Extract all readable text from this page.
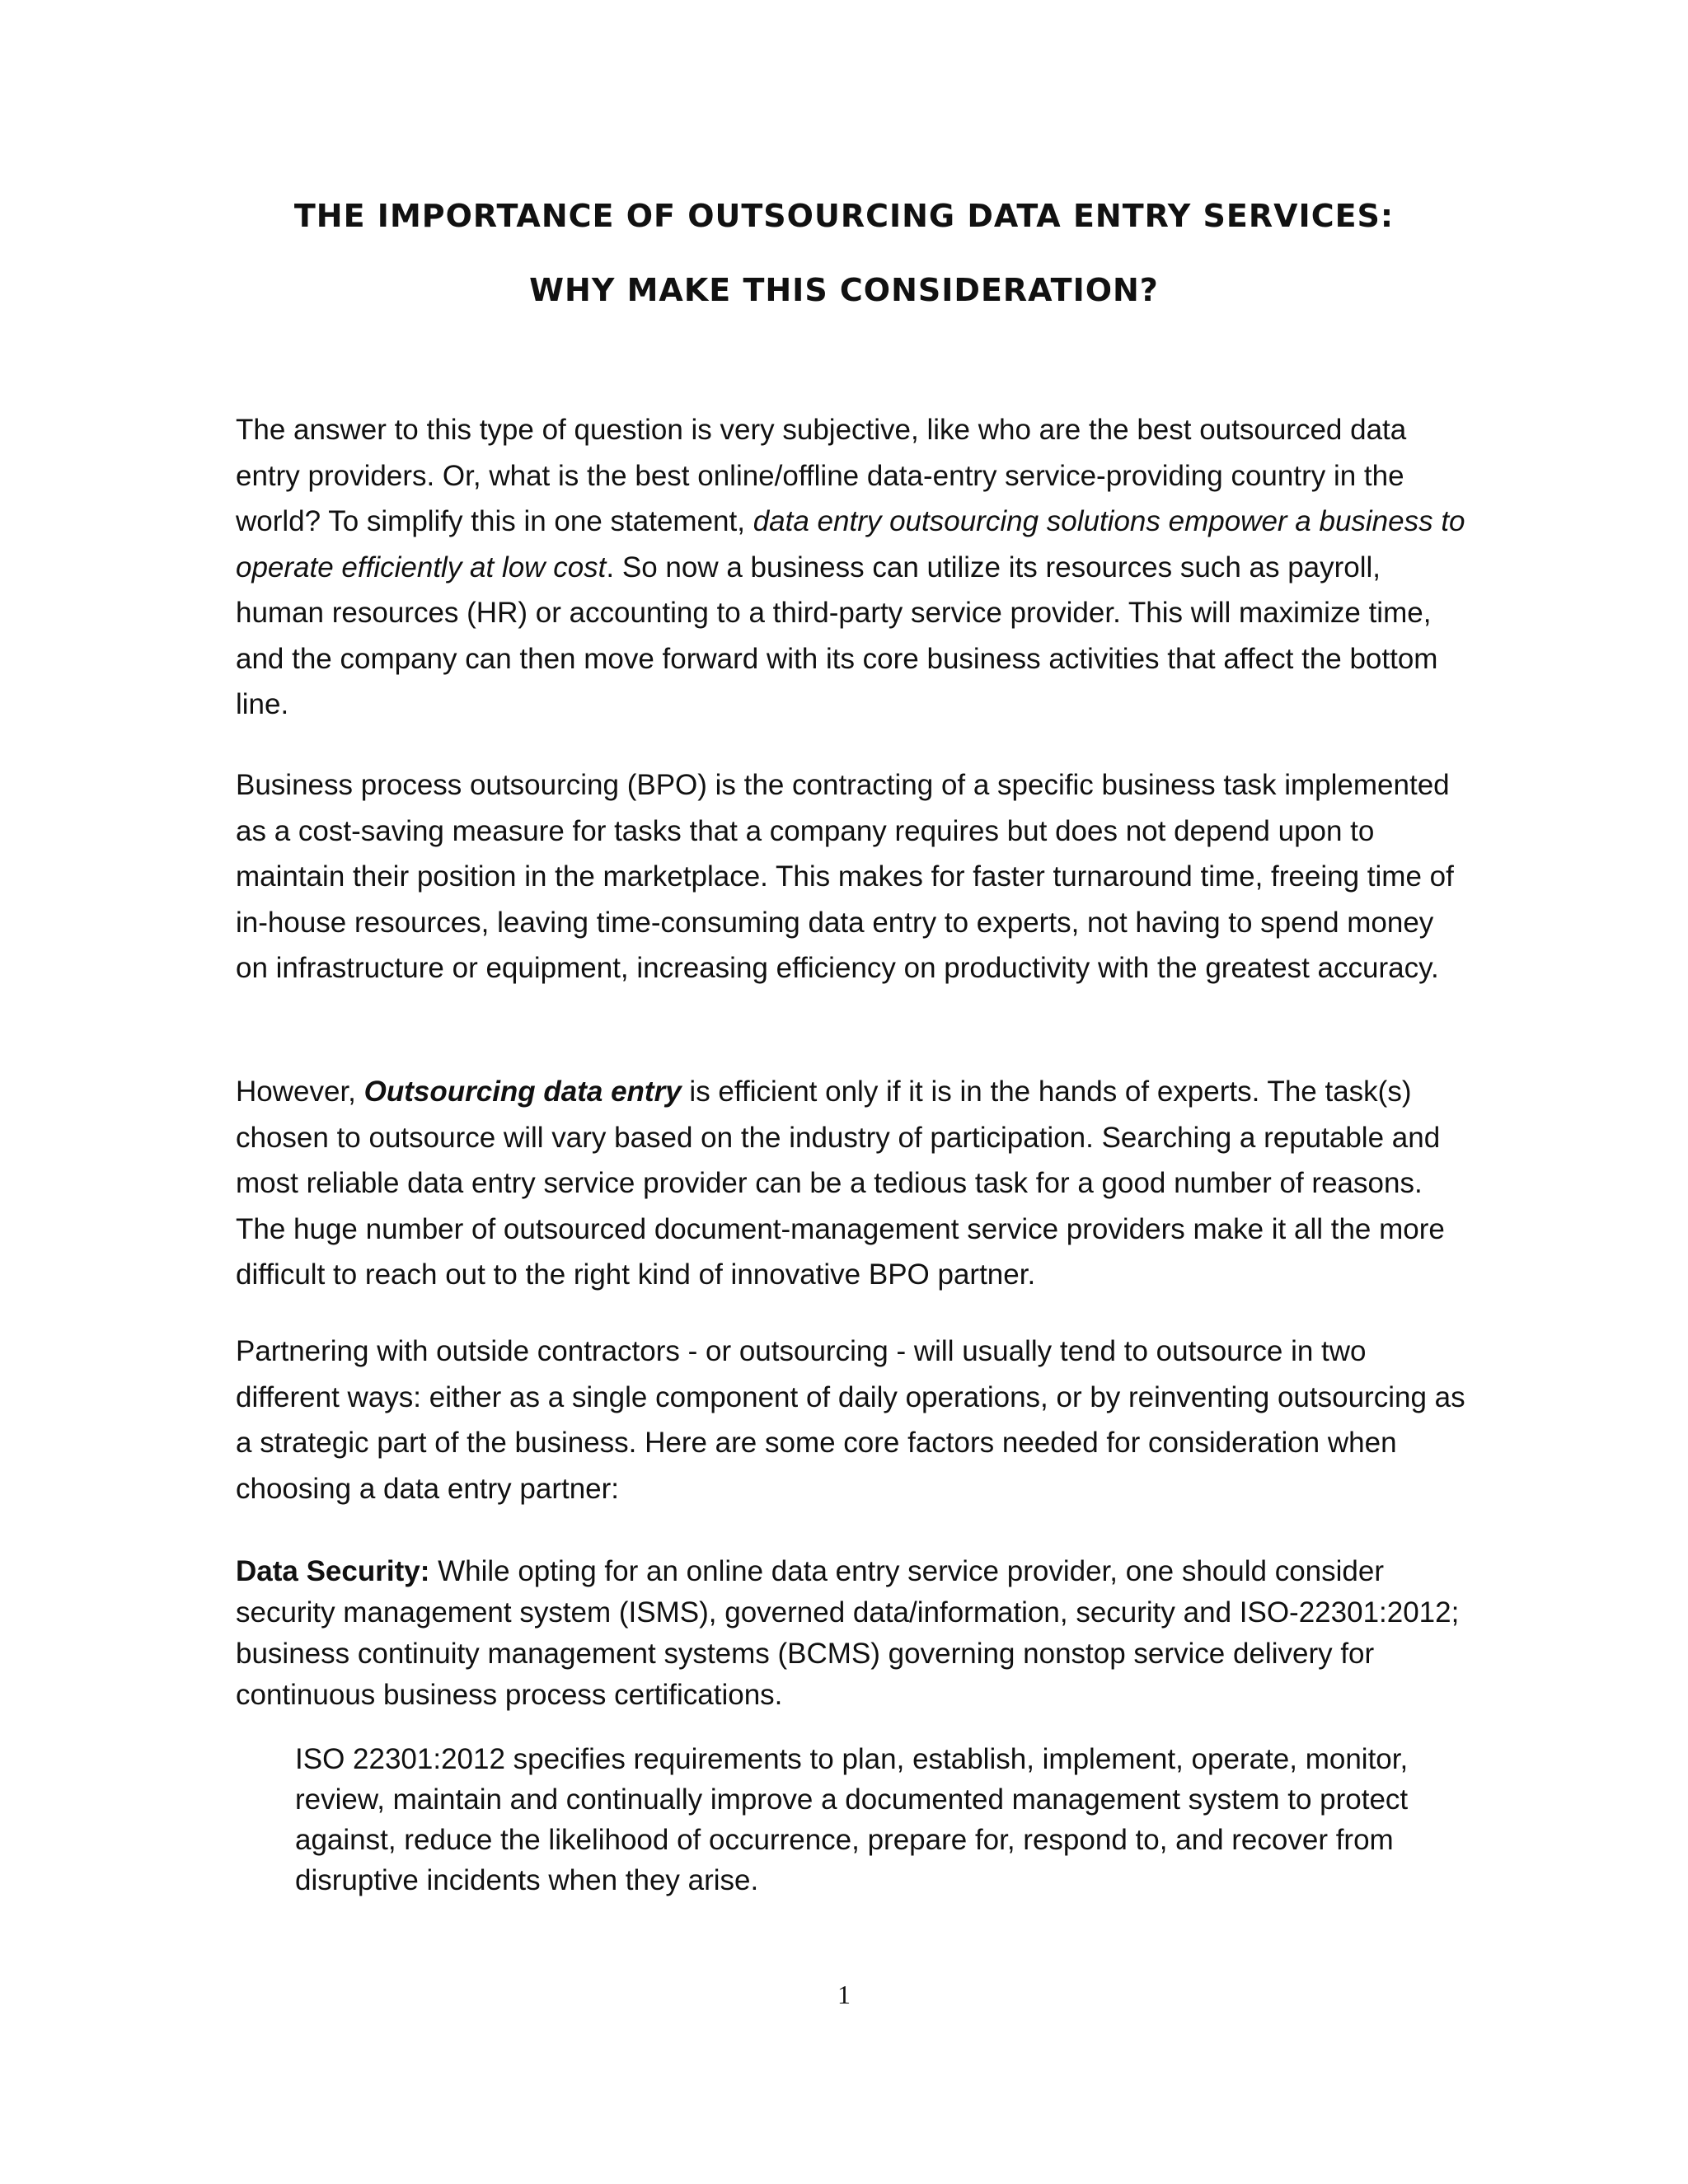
THE IMPORTANCE OF OUTSOURCING DATA ENTRY SERVICES:
WHY MAKE THIS CONSIDERATION?

The answer to this type of question is very subjective, like who are the best outsourced data entry providers. Or, what is the best online/offline data-entry service-providing country in the world? To simplify this in one statement, data entry outsourcing solutions empower a business to operate efficiently at low cost. So now a business can utilize its resources such as payroll, human resources (HR) or accounting to a third-party service provider. This will maximize time, and the company can then move forward with its core business activities that affect the bottom line.

Business process outsourcing (BPO) is the contracting of a specific business task implemented as a cost-saving measure for tasks that a company requires but does not depend upon to maintain their position in the marketplace. This makes for faster turnaround time, freeing time of in-house resources, leaving time-consuming data entry to experts, not having to spend money on infrastructure or equipment, increasing efficiency on productivity with the greatest accuracy.

However, Outsourcing data entry is efficient only if it is in the hands of experts. The task(s) chosen to outsource will vary based on the industry of participation. Searching a reputable and most reliable data entry service provider can be a tedious task for a good number of reasons. The huge number of outsourced document-management service providers make it all the more difficult to reach out to the right kind of innovative BPO partner.

Partnering with outside contractors - or outsourcing - will usually tend to outsource in two different ways: either as a single component of daily operations, or by reinventing outsourcing as a strategic part of the business. Here are some core factors needed for consideration when choosing a data entry partner:

Data Security: While opting for an online data entry service provider, one should consider security management system (ISMS), governed data/information, security and ISO-22301:2012; business continuity management systems (BCMS) governing nonstop service delivery for continuous business process certifications.

ISO 22301:2012 specifies requirements to plan, establish, implement, operate, monitor, review, maintain and continually improve a documented management system to protect against, reduce the likelihood of occurrence, prepare for, respond to, and recover from disruptive incidents when they arise.

1
